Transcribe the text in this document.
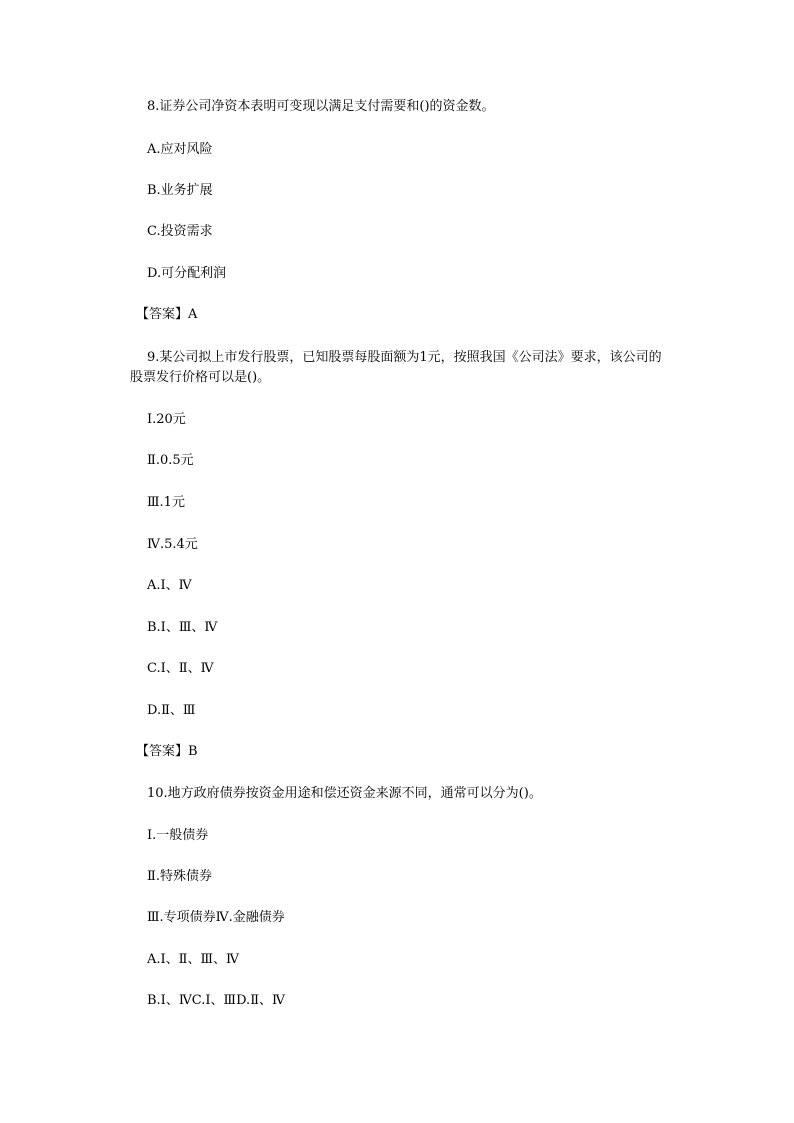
8.证券公司净资本表明可变现以满足支付需要和()的资金数。
A.应对风险
B.业务扩展
C.投资需求
D.可分配利润
【答案】A
9.某公司拟上市发行股票，已知股票每股面额为1元，按照我国《公司法》要求，该公司的股票发行价格可以是()。
Ⅰ.20元
Ⅱ.0.5元
Ⅲ.1元
Ⅳ.5.4元
A.Ⅰ、Ⅳ
B.Ⅰ、Ⅲ、Ⅳ
C.Ⅰ、Ⅱ、Ⅳ
D.Ⅱ、Ⅲ
【答案】B
10.地方政府债券按资金用途和偿还资金来源不同，通常可以分为()。
Ⅰ.一般债券
Ⅱ.特殊债券
Ⅲ.专项债券Ⅳ.金融债券
A.Ⅰ、Ⅱ、Ⅲ、Ⅳ
B.Ⅰ、ⅣC.Ⅰ、ⅢD.Ⅱ、Ⅳ
